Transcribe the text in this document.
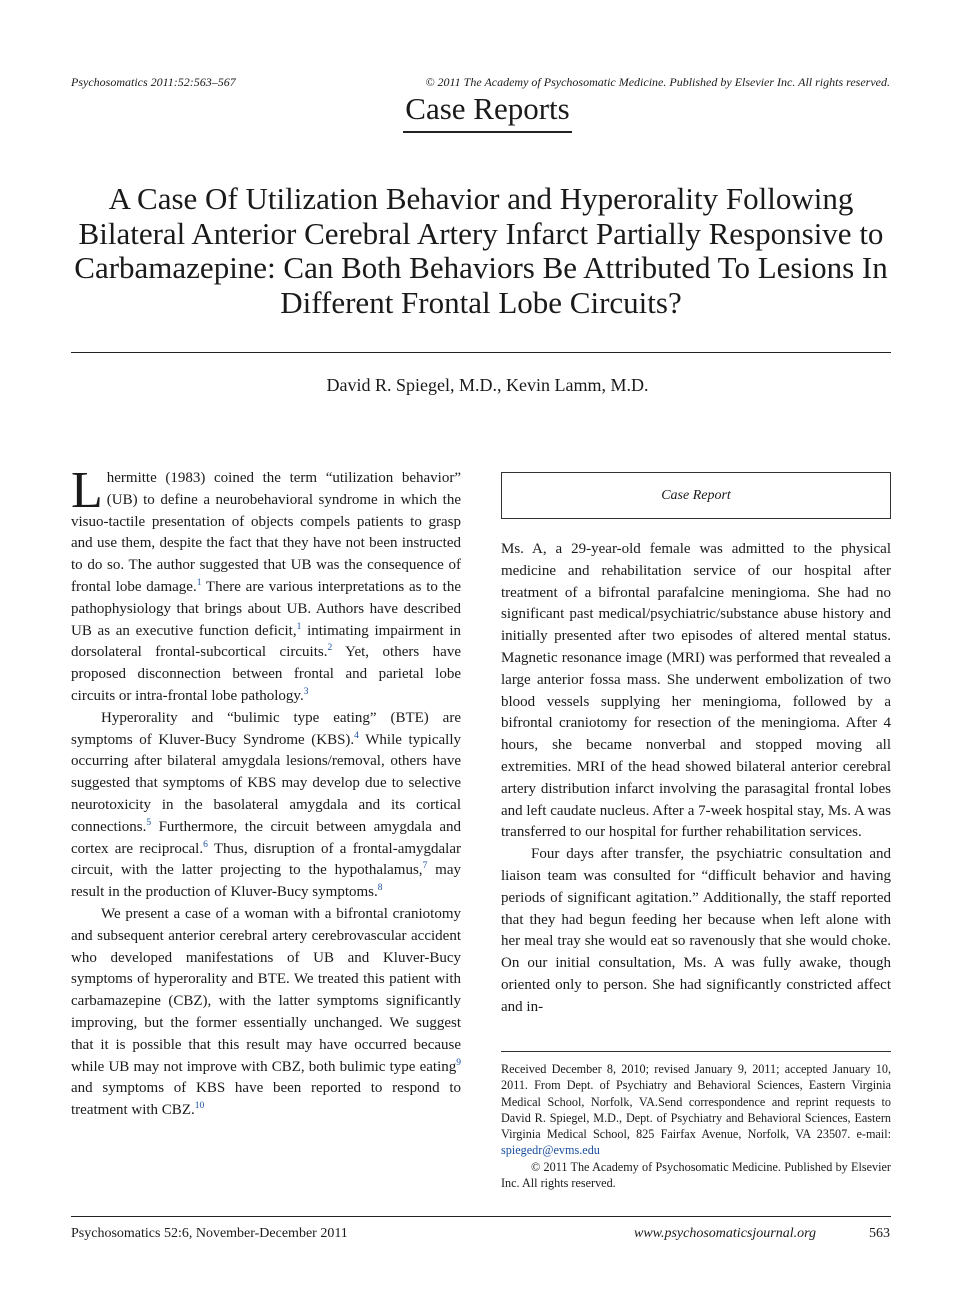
Psychosomatics 2011:52:563–567	© 2011 The Academy of Psychosomatic Medicine. Published by Elsevier Inc. All rights reserved.
Case Reports
A Case Of Utilization Behavior and Hyperorality Following Bilateral Anterior Cerebral Artery Infarct Partially Responsive to Carbamazepine: Can Both Behaviors Be Attributed To Lesions In Different Frontal Lobe Circuits?
David R. Spiegel, M.D., Kevin Lamm, M.D.

Lhermitte (1983) coined the term “utilization behavior” (UB) to define a neurobehavioral syndrome in which the visuo-tactile presentation of objects compels patients to grasp and use them, despite the fact that they have not been instructed to do so. The author suggested that UB was the consequence of frontal lobe damage.$^1$ There are various interpretations as to the pathophysiology that brings about UB. Authors have described UB as an executive function deficit,$^1$ intimating impairment in dorsolateral frontal-subcortical circuits.$^2$ Yet, others have proposed disconnection between frontal and parietal lobe circuits or intra-frontal lobe pathology.$^3$

Hyperorality and “bulimic type eating” (BTE) are symptoms of Kluver-Bucy Syndrome (KBS).$^4$ While typically occurring after bilateral amygdala lesions/removal, others have suggested that symptoms of KBS may develop due to selective neurotoxicity in the basolateral amygdala and its cortical connections.$^5$ Furthermore, the circuit between amygdala and cortex are reciprocal.$^6$ Thus, disruption of a frontal-amygdalar circuit, with the latter projecting to the hypothalamus,$^7$ may result in the production of Kluver-Bucy symptoms.$^8$

We present a case of a woman with a bifrontal craniotomy and subsequent anterior cerebral artery cerebrovascular accident who developed manifestations of UB and Kluver-Bucy symptoms of hyperorality and BTE. We treated this patient with carbamazepine (CBZ), with the latter symptoms significantly improving, but the former essentially unchanged. We suggest that it is possible that this result may have occurred because while UB may not improve with CBZ, both bulimic type eating$^9$ and symptoms of KBS have been reported to respond to treatment with CBZ.$^{10}$

Case Report

Ms. A, a 29-year-old female was admitted to the physical medicine and rehabilitation service of our hospital after treatment of a bifrontal parafalcine meningioma. She had no significant past medical/psychiatric/substance abuse history and initially presented after two episodes of altered mental status. Magnetic resonance image (MRI) was performed that revealed a large anterior fossa mass. She underwent embolization of two blood vessels supplying her meningioma, followed by a bifrontal craniotomy for resection of the meningioma. After 4 hours, she became nonverbal and stopped moving all extremities. MRI of the head showed bilateral anterior cerebral artery distribution infarct involving the parasagital frontal lobes and left caudate nucleus. After a 7-week hospital stay, Ms. A was transferred to our hospital for further rehabilitation services.

Four days after transfer, the psychiatric consultation and liaison team was consulted for “difficult behavior and having periods of significant agitation.” Additionally, the staff reported that they had begun feeding her because when left alone with her meal tray she would eat so ravenously that she would choke. On our initial consultation, Ms. A was fully awake, though oriented only to person. She had significantly constricted affect and in-

Received December 8, 2010; revised January 9, 2011; accepted January 10, 2011. From Dept. of Psychiatry and Behavioral Sciences, Eastern Virginia Medical School, Norfolk, VA.Send correspondence and reprint requests to David R. Spiegel, M.D., Dept. of Psychiatry and Behavioral Sciences, Eastern Virginia Medical School, 825 Fairfax Avenue, Norfolk, VA 23507. e-mail: spiegedr@evms.edu

© 2011 The Academy of Psychosomatic Medicine. Published by Elsevier Inc. All rights reserved.

Psychosomatics 52:6, November-December 2011	www.psychosomaticsjournal.org	563
